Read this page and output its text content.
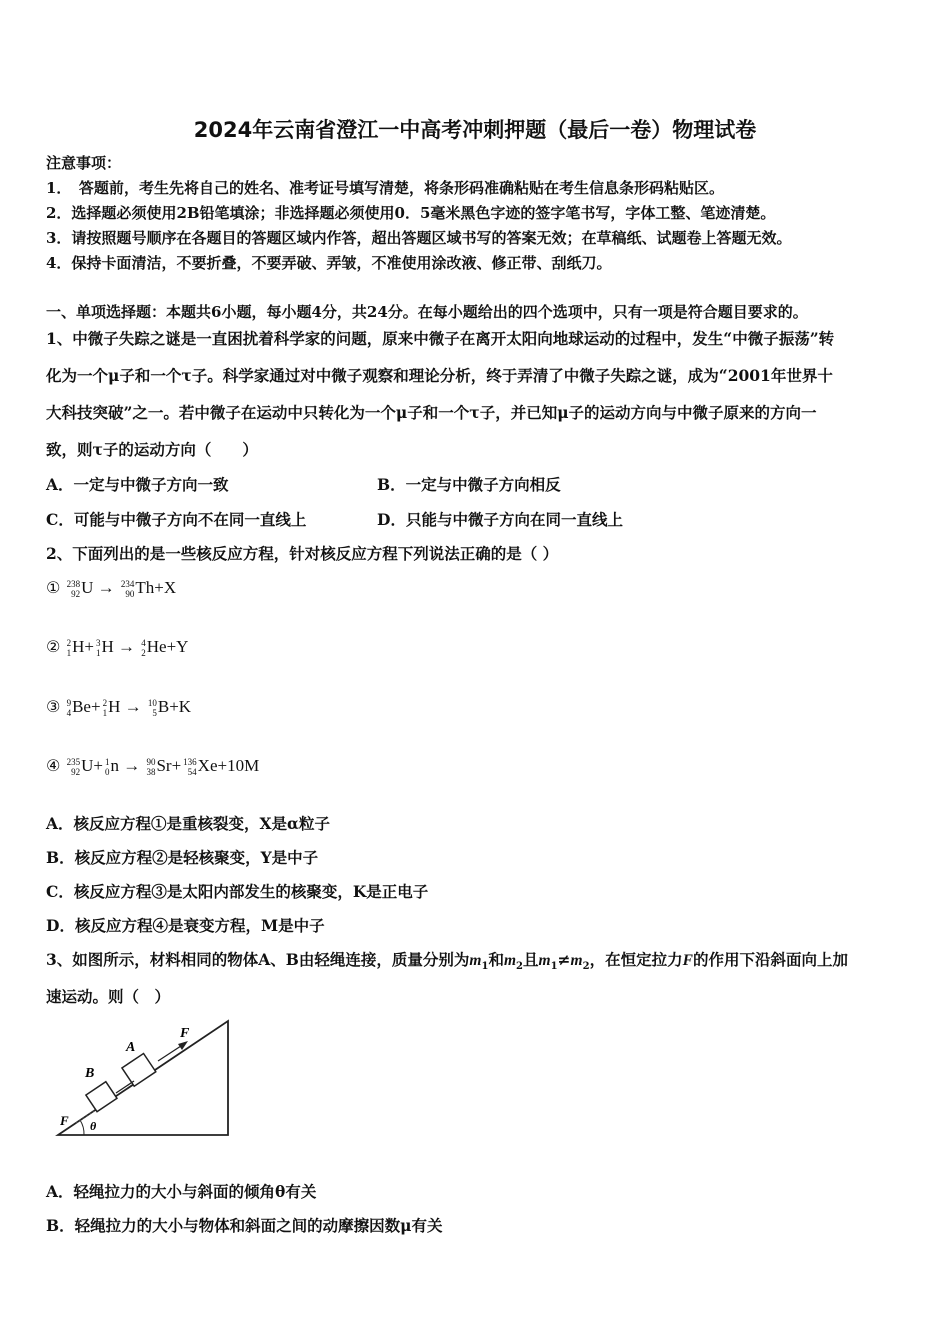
2024年云南省澄江一中高考冲刺押题（最后一卷）物理试卷
注意事项：
1．　答题前，考生先将自己的姓名、准考证号填写清楚，将条形码准确粘贴在考生信息条形码粘贴区。
2．选择题必须使用2B铅笔填涂；非选择题必须使用0．5毫米黑色字迹的签字笔书写，字体工整、笔迹清楚。
3．请按照题号顺序在各题目的答题区域内作答，超出答题区域书写的答案无效；在草稿纸、试题卷上答题无效。
4．保持卡面清洁，不要折叠，不要弄破、弄皱，不准使用涂改液、修正带、刮纸刀。
一、单项选择题：本题共6小题，每小题4分，共24分。在每小题给出的四个选项中，只有一项是符合题目要求的。
1、中微子失踪之谜是一直困扰着科学家的问题，原来中微子在离开太阳向地球运动的过程中，发生“中微子振荡”转
化为一个μ子和一个τ子。科学家通过对中微子观察和理论分析，终于弄清了中微子失踪之谜，成为“2001年世界十
大科技突破”之一。若中微子在运动中只转化为一个μ子和一个τ子，并已知μ子的运动方向与中微子原来的方向一
致，则τ子的运动方向（　　）
A．一定与中微子方向一致	B．一定与中微子方向相反
C．可能与中微子方向不在同一直线上	D．只能与中微子方向在同一直线上
2、下面列出的是一些核反应方程，针对核反应方程下列说法正确的是（ ）
① 238
92 U → 234
90 Th+X
② 2
1 H+ 3
1 H → 4
2 He+Y
③ 9
4 Be+ 2
1 H → 10
5 B+K
④ 235
92 U+ 1
0 n → 90
38 Sr+ 136
54 Xe+10M
A．核反应方程①是重核裂变，X是α粒子
B．核反应方程②是轻核聚变，Y是中子
C．核反应方程③是太阳内部发生的核聚变，K是正电子
D．核反应方程④是衰变方程，M是中子
3、如图所示，材料相同的物体A、B由轻绳连接，质量分别为$m_1$和$m_2$且$m_1\ne m_2$，在恒定拉力F的作用下沿斜面向上加
速运动。则（　）
F
A
B
F θ
A．轻绳拉力的大小与斜面的倾角θ有关
B．轻绳拉力的大小与物体和斜面之间的动摩擦因数μ有关
